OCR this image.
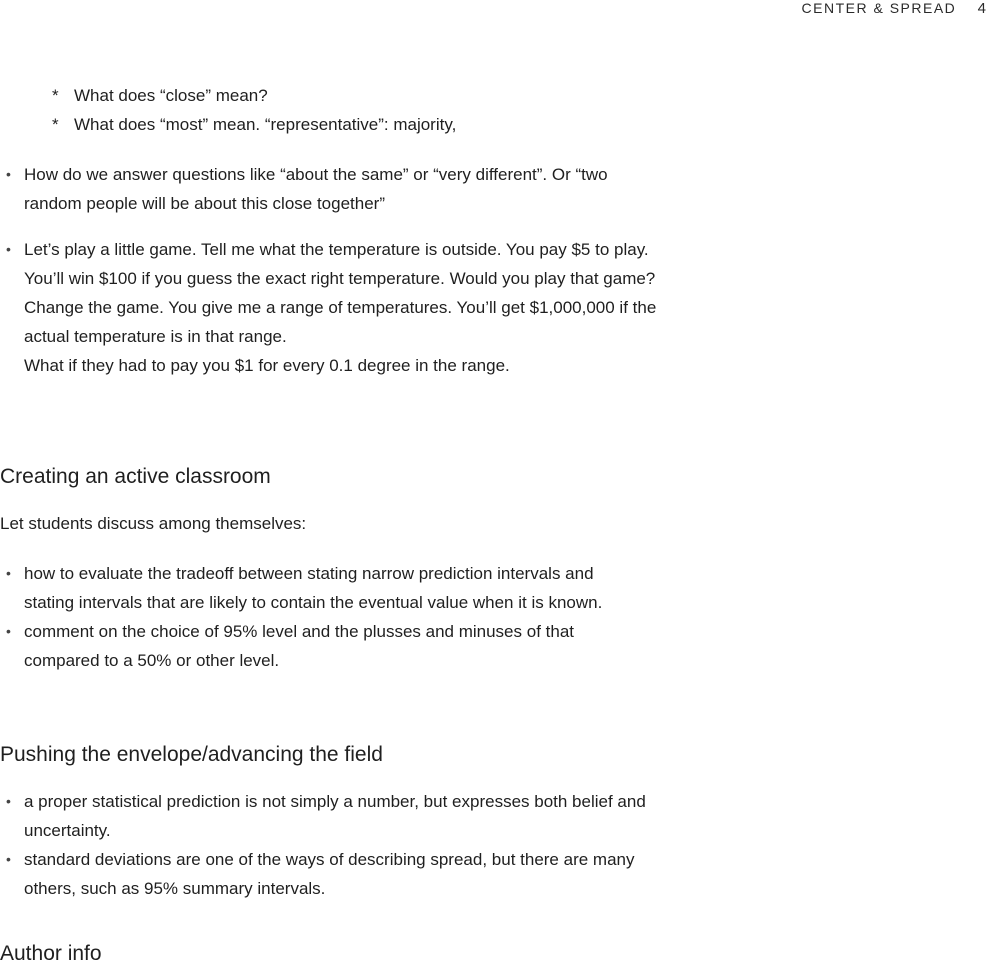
CENTER & SPREAD 4
* What does “close” mean?
* What does “most” mean. “representative”: majority,
• How do we answer questions like “about the same” or “very different”. Or “two random people will be about this close together”

• Let’s play a little game. Tell me what the temperature is outside. You pay $5 to play. You’ll win $100 if you guess the exact right temperature. Would you play that game?

Change the game. You give me a range of temperatures. You’ll get $1,000,000 if the actual temperature is in that range.

What if they had to pay you $1 for every 0.1 degree in the range.

Creating an active classroom

Let students discuss among themselves:

• how to evaluate the tradeoff between stating narrow prediction intervals and stating intervals that are likely to contain the eventual value when it is known.

• comment on the choice of 95% level and the plusses and minuses of that compared to a 50% or other level.

Pushing the envelope/advancing the field
• a proper statistical prediction is not simply a number, but expresses both belief and uncertainty.

• standard deviations are one of the ways of describing spread, but there are many others, such as 95% summary intervals.

Author info
